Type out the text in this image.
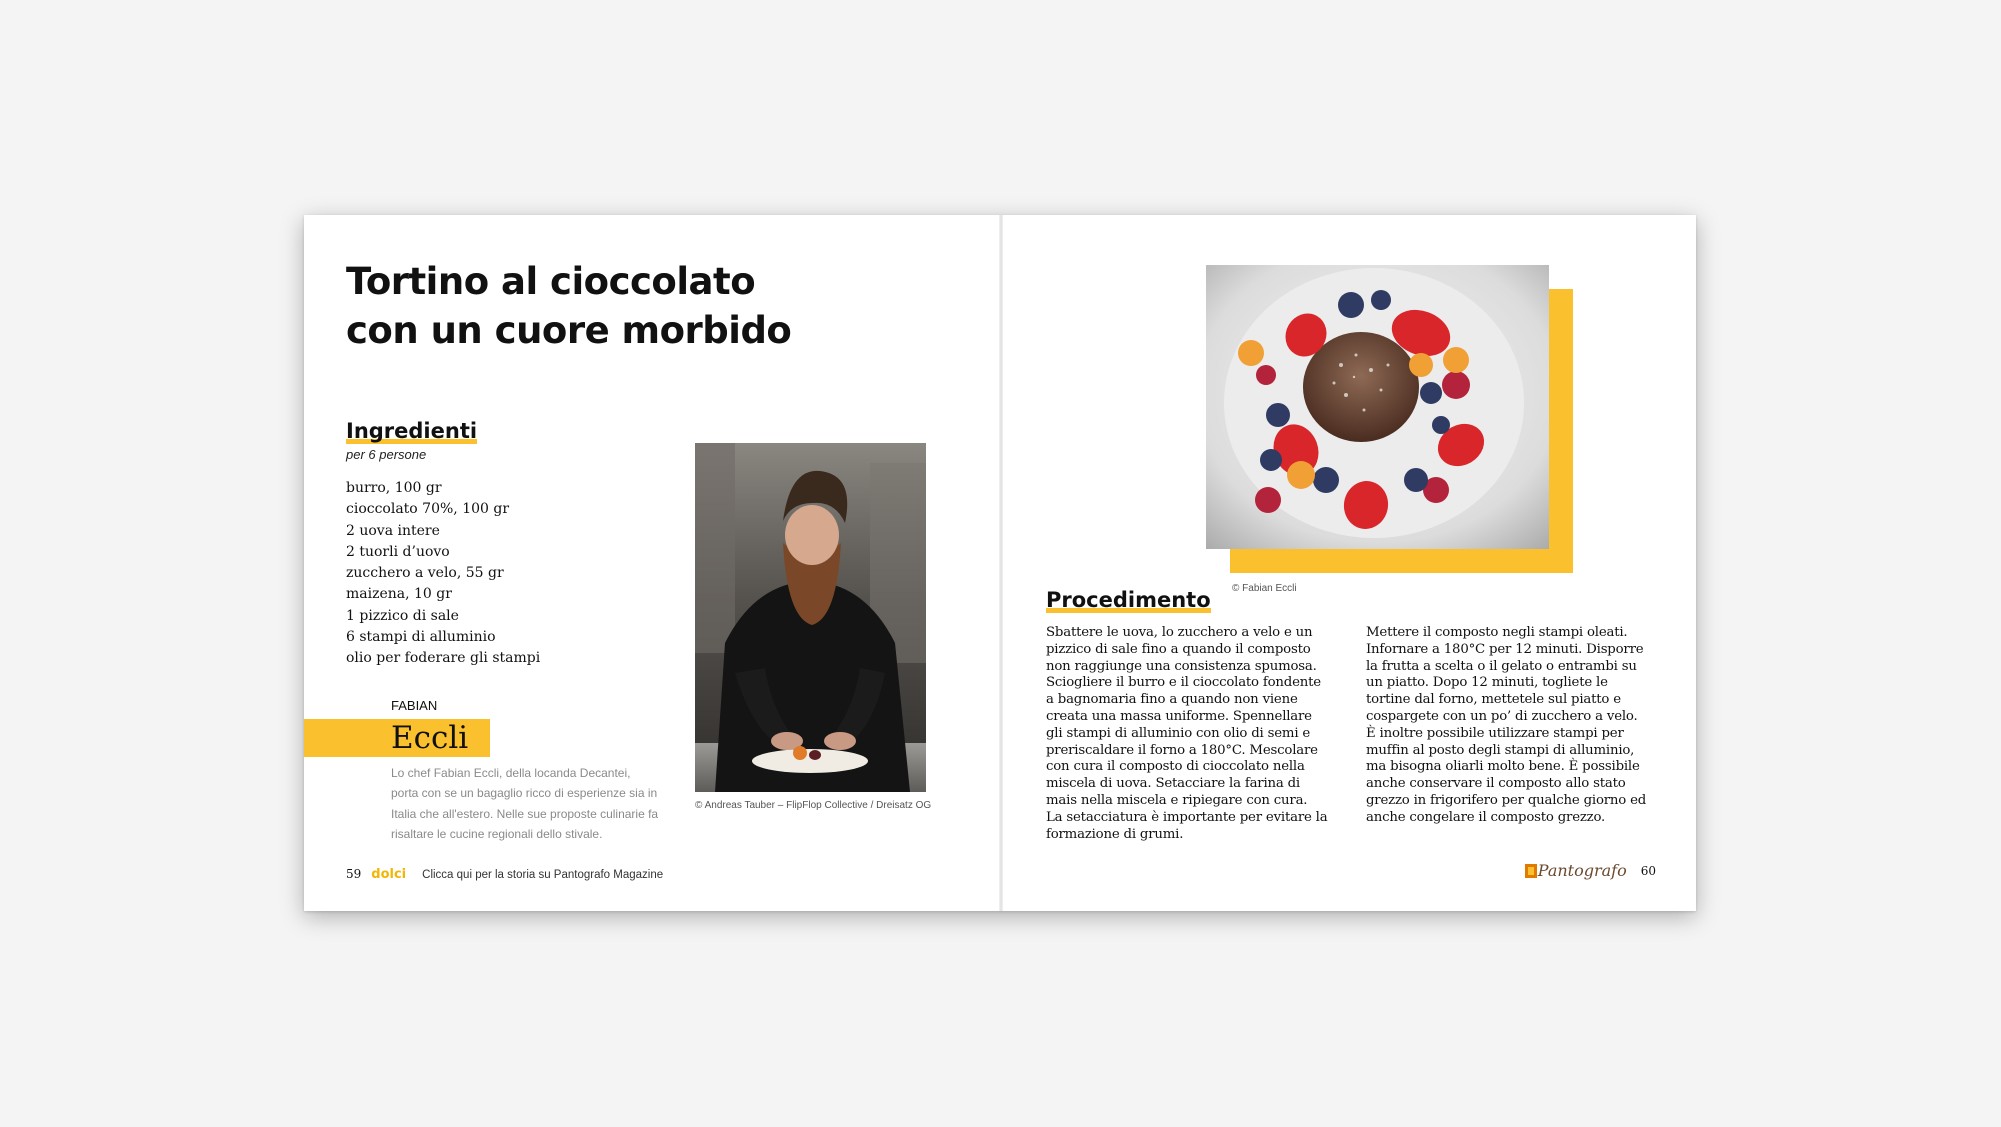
Tortino al cioccolato
con un cuore morbido
Ingredienti
per 6 persone
burro, 100 gr
cioccolato 70%, 100 gr
2 uova intere
2 tuorli d’uovo
zucchero a velo, 55 gr
maizena, 10 gr
1 pizzico di sale
6 stampi di alluminio
olio per foderare gli stampi
FABIAN
Eccli

Lo chef Fabian Eccli, della locanda Decantei, porta con se un bagaglio ricco di esperienze sia in Italia che all'estero. Nelle sue proposte culinarie fa risaltare le cucine regionali dello stivale.

© Andreas Tauber – FlipFlop Collective / Dreisatz OG
59 dolci Clicca qui per la storia su Pantografo Magazine
© Fabian Eccli
Procedimento

Sbattere le uova, lo zucchero a velo e un pizzico di sale fino a quando il composto non raggiunge una consistenza spumosa. Sciogliere il burro e il cioccolato fondente a bagnomaria fino a quando non viene creata una massa uniforme. Spennellare gli stampi di alluminio con olio di semi e preriscaldare il forno a 180°C. Mescolare con cura il composto di cioccolato nella miscela di uova. Setacciare la farina di mais nella miscela e ripiegare con cura.

La setacciatura è importante per evitare la formazione di grumi.

Mettere il composto negli stampi oleati. Infornare a 180°C per 12 minuti. Disporre la frutta a scelta o il gelato o entrambi su un piatto. Dopo 12 minuti, togliete le tortine dal forno, mettetele sul piatto e cospargete con un po’ di zucchero a velo.

È inoltre possibile utilizzare stampi per muffin al posto degli stampi di alluminio, ma bisogna oliarli molto bene. È possibile anche conservare il composto allo stato grezzo in frigorifero per qualche giorno ed anche congelare il composto grezzo.

Pantografo 60
